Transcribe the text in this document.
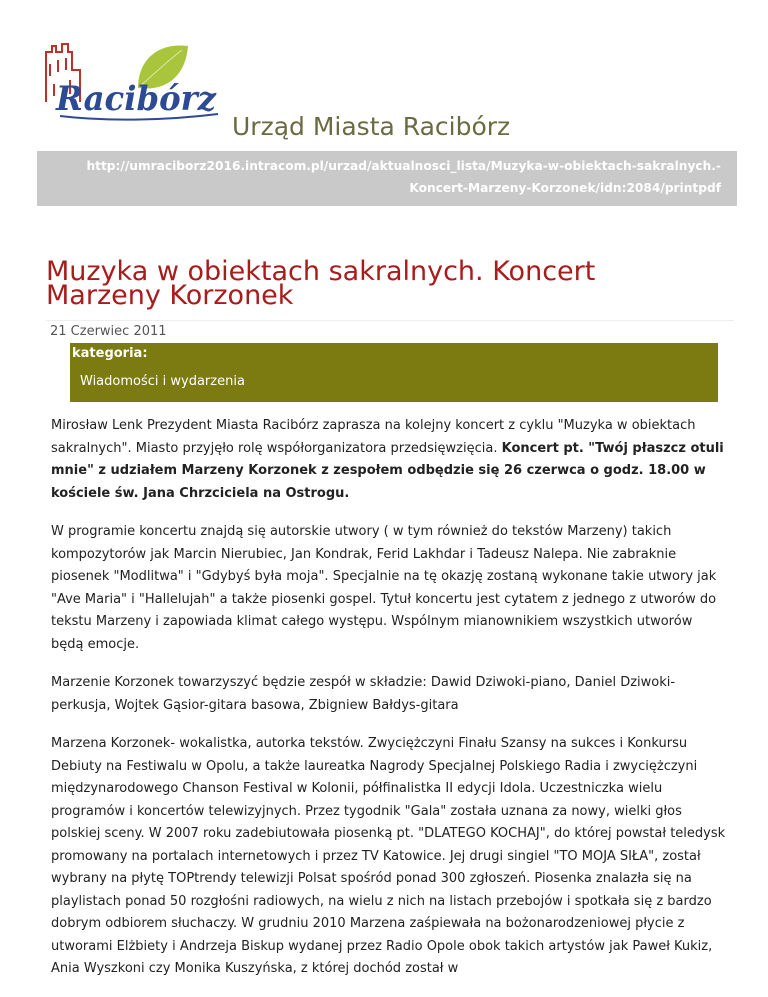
Racibórz
Urząd Miasta Racibórz
http://umraciborz2016.intracom.pl/urzad/aktualnosci_lista/Muzyka-w-obiektach-sakralnych.-
Koncert-Marzeny-Korzonek/idn:2084/printpdf
Muzyka w obiektach sakralnych. Koncert Marzeny Korzonek
21 Czerwiec 2011
kategoria:
Wiadomości i wydarzenia

Mirosław Lenk Prezydent Miasta Racibórz zaprasza na kolejny koncert z cyklu "Muzyka w obiektach sakralnych". Miasto przyjęło rolę współorganizatora przedsięwzięcia. Koncert pt. "Twój płaszcz otuli mnie" z udziałem Marzeny Korzonek z zespołem odbędzie się 26 czerwca o godz. 18.00 w kościele św. Jana Chrzciciela na Ostrogu.

W programie koncertu znajdą się autorskie utwory ( w tym również do tekstów Marzeny) takich kompozytorów jak Marcin Nierubiec, Jan Kondrak, Ferid Lakhdar i Tadeusz Nalepa. Nie zabraknie piosenek "Modlitwa" i "Gdybyś była moja". Specjalnie na tę okazję zostaną wykonane takie utwory jak "Ave Maria" i "Hallelujah" a także piosenki gospel. Tytuł koncertu jest cytatem z jednego z utworów do tekstu Marzeny i zapowiada klimat całego występu. Wspólnym mianownikiem wszystkich utworów będą emocje.

Marzenie Korzonek towarzyszyć będzie zespół w składzie: Dawid Dziwoki-piano, Daniel Dziwoki-perkusja, Wojtek Gąsior-gitara basowa, Zbigniew Bałdys-gitara

Marzena Korzonek- wokalistka, autorka tekstów. Zwyciężczyni Finału Szansy na sukces i Konkursu Debiuty na Festiwalu w Opolu, a także laureatka Nagrody Specjalnej Polskiego Radia i zwyciężczyni międzynarodowego Chanson Festival w Kolonii, półfinalistka II edycji Idola. Uczestniczka wielu programów i koncertów telewizyjnych. Przez tygodnik "Gala" została uznana za nowy, wielki głos polskiej sceny. W 2007 roku zadebiutowała piosenką pt. "DLATEGO KOCHAJ", do której powstał teledysk promowany na portalach internetowych i przez TV Katowice. Jej drugi singiel "TO MOJA SIŁA", został wybrany na płytę TOPtrendy telewizji Polsat spośród ponad 300 zgłoszeń. Piosenka znalazła się na playlistach ponad 50 rozgłośni radiowych, na wielu z nich na listach przebojów i spotkała się z bardzo dobrym odbiorem słuchaczy. W grudniu 2010 Marzena zaśpiewała na bożonarodzeniowej płycie z utworami Elżbiety i Andrzeja Biskup wydanej przez Radio Opole obok takich artystów jak Paweł Kukiz, Ania Wyszkoni czy Monika Kuszyńska, z której dochód został w
